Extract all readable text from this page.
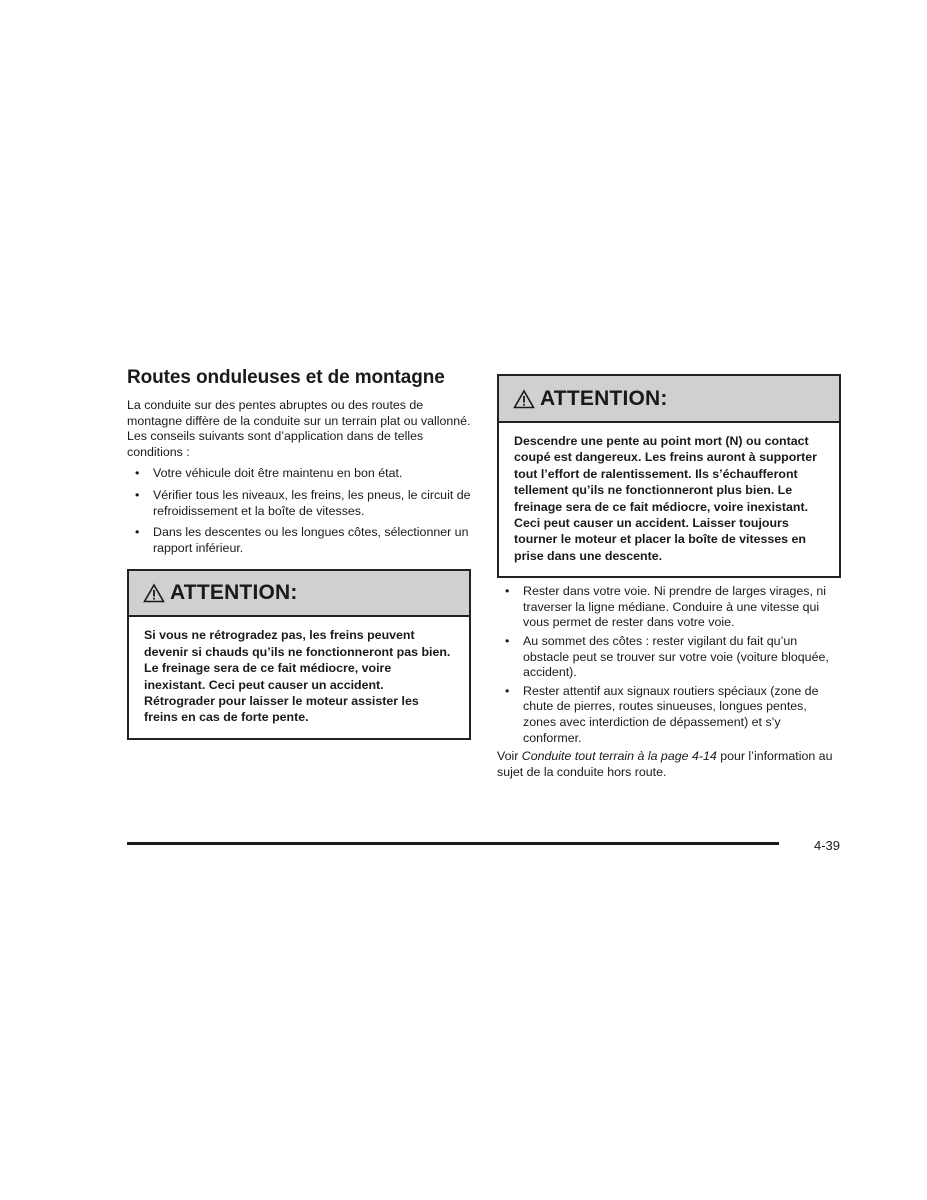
Routes onduleuses et de montagne

La conduite sur des pentes abruptes ou des routes de montagne diffère de la conduite sur un terrain plat ou vallonné. Les conseils suivants sont d’application dans de telles conditions :

• Votre véhicule doit être maintenu en bon état.
• Vérifier tous les niveaux, les freins, les pneus, le circuit de refroidissement et la boîte de vitesses.
• Dans les descentes ou les longues côtes, sélectionner un rapport inférieur.
ATTENTION:
Si vous ne rétrogradez pas, les freins peuvent devenir si chauds qu’ils ne fonctionneront pas bien. Le freinage sera de ce fait médiocre, voire inexistant. Ceci peut causer un accident. Rétrograder pour laisser le moteur assister les freins en cas de forte pente.
ATTENTION:
Descendre une pente au point mort (N) ou contact coupé est dangereux. Les freins auront à supporter tout l’effort de ralentissement. Ils s’échaufferont tellement qu’ils ne fonctionneront plus bien. Le freinage sera de ce fait médiocre, voire inexistant. Ceci peut causer un accident. Laisser toujours tourner le moteur et placer la boîte de vitesses en prise dans une descente.
• Rester dans votre voie. Ni prendre de larges virages, ni traverser la ligne médiane. Conduire à une vitesse qui vous permet de rester dans votre voie.
• Au sommet des côtes : rester vigilant du fait qu’un obstacle peut se trouver sur votre voie (voiture bloquée, accident).
• Rester attentif aux signaux routiers spéciaux (zone de chute de pierres, routes sinueuses, longues pentes, zones avec interdiction de dépassement) et s’y conformer.

Voir Conduite tout terrain à la page 4-14 pour l’information au sujet de la conduite hors route.

4-39
